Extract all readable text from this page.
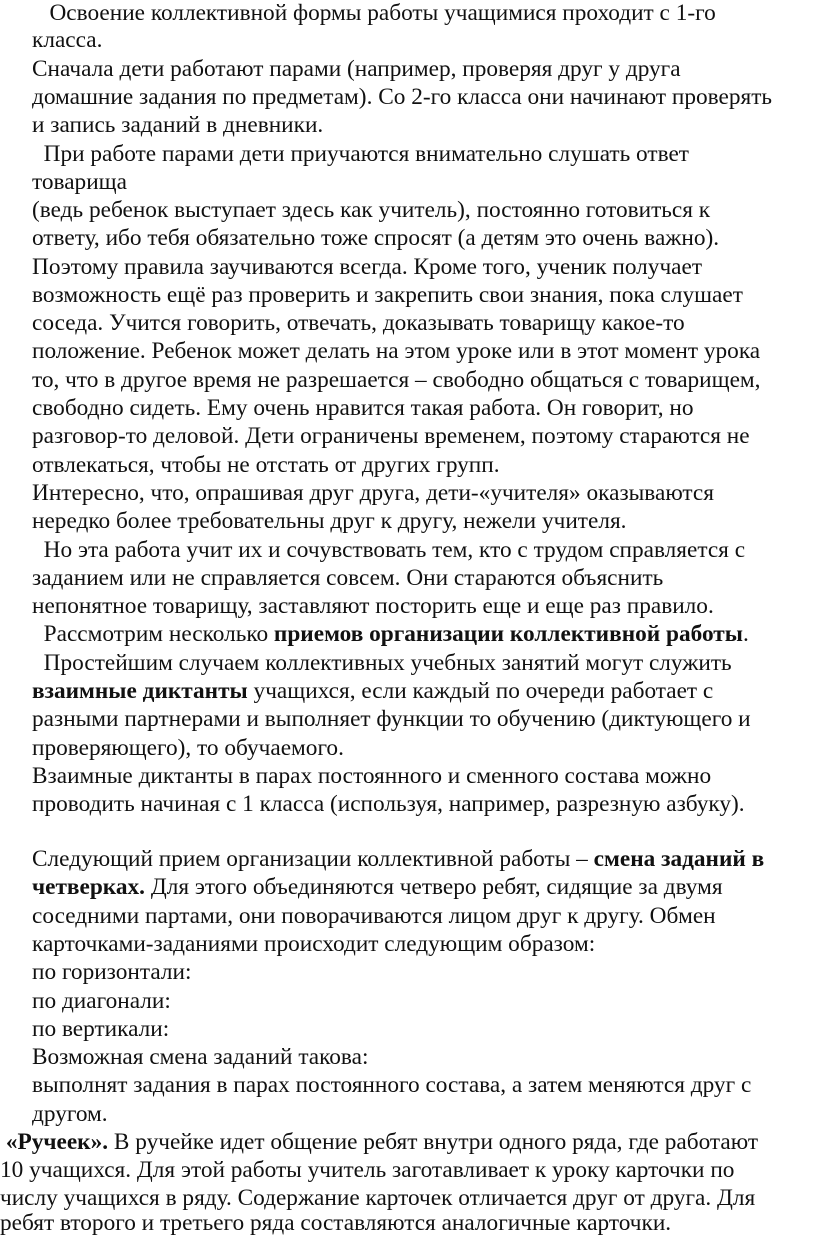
Освоение коллективной формы работы учащимися проходит с 1-го
класса.
Сначала дети работают парами (например, проверяя друг у друга
домашние задания по предметам). Со 2-го класса они начинают проверять
и запись заданий в дневники.
При работе парами дети приучаются внимательно слушать ответ
товарища
(ведь ребенок выступает здесь как учитель), постоянно готовиться к
ответу, ибо тебя обязательно тоже спросят (а детям это очень важно).
Поэтому правила заучиваются всегда. Кроме того, ученик получает
возможность ещё раз проверить и закрепить свои знания, пока слушает
соседа. Учится говорить, отвечать, доказывать товарищу какое-то
положение. Ребенок может делать на этом уроке или в этот момент урока
то, что в другое время не разрешается – свободно общаться с товарищем,
свободно сидеть. Ему очень нравится такая работа. Он говорит, но
разговор-то деловой. Дети ограничены временем, поэтому стараются не
отвлекаться, чтобы не отстать от других групп.
Интересно, что, опрашивая друг друга, дети-«учителя» оказываются
нередко более требовательны друг к другу, нежели учителя.
Но эта работа учит их и сочувствовать тем, кто с трудом справляется с
заданием или не справляется совсем. Они стараются объяснить
непонятное товарищу, заставляют посторить еще и еще раз правило.
Рассмотрим несколько приемов организации коллективной работы.
Простейшим случаем коллективных учебных занятий могут служить
взаимные диктанты учащихся, если каждый по очереди работает с
разными партнерами и выполняет функции то обучению (диктующего и
проверяющего), то обучаемого.
Взаимные диктанты в парах постоянного и сменного состава можно
проводить начиная с 1 класса (используя, например, разрезную азбуку).
Следующий прием организации коллективной работы – смена заданий в
четверках. Для этого объединяются четверо ребят, сидящие за двумя
соседними партами, они поворачиваются лицом друг к другу. Обмен
карточками-заданиями происходит следующим образом:
по горизонтали:
по диагонали:
по вертикали:
Возможная смена заданий такова:
выполнят задания в парах постоянного состава, а затем меняются друг с
другом.
«Ручеек». В ручейке идет общение ребят внутри одного ряда, где работают
10 учащихся. Для этой работы учитель заготавливает к уроку карточки по
числу учащихся в ряду. Содержание карточек отличается друг от друга. Для
ребят второго и третьего ряда составляются аналогичные карточки.
